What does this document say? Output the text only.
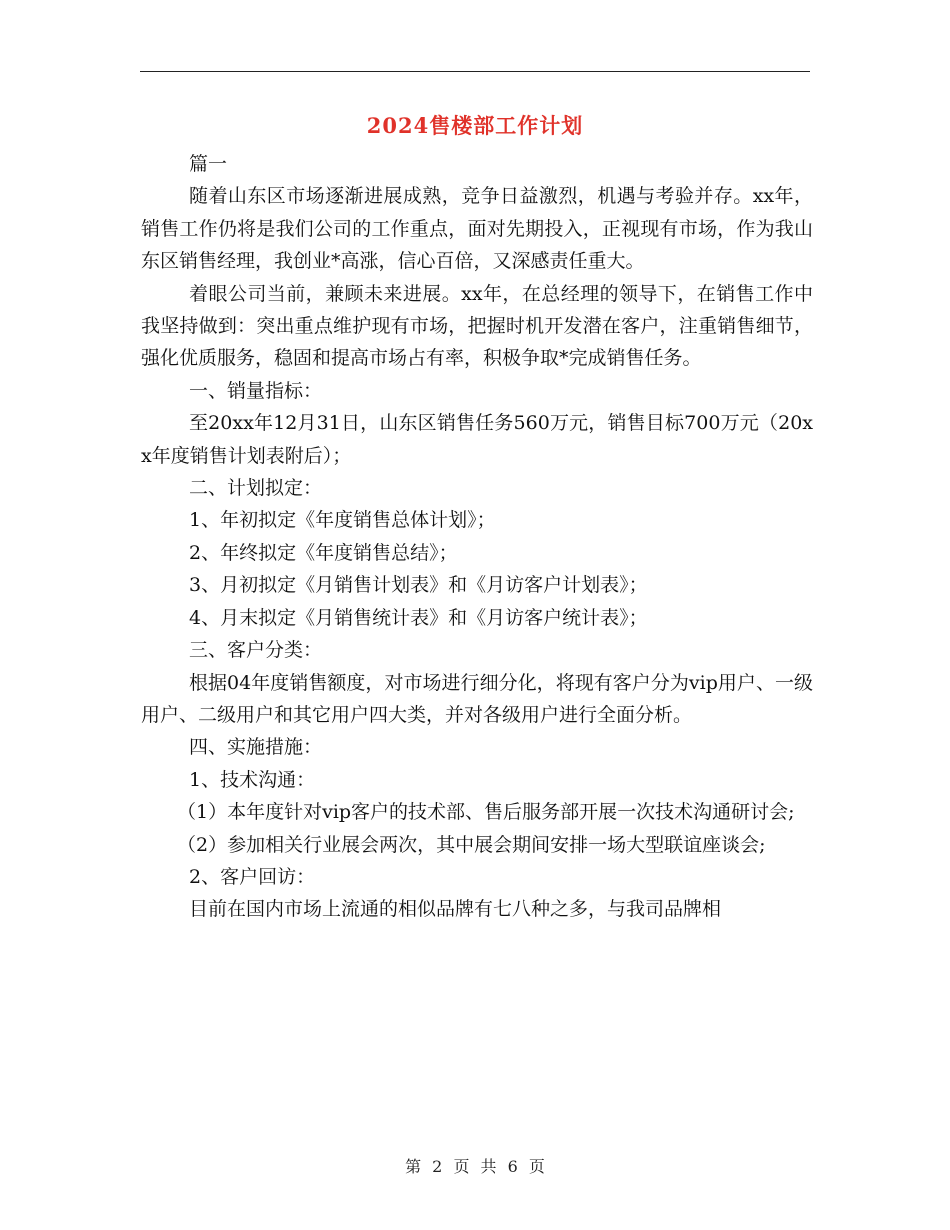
2024售楼部工作计划

篇一

随着山东区市场逐渐进展成熟，竞争日益激烈，机遇与考验并存。xx年，销售工作仍将是我们公司的工作重点，面对先期投入，正视现有市场，作为我山东区销售经理，我创业*高涨，信心百倍，又深感责任重大。

着眼公司当前，兼顾未来进展。xx年，在总经理的领导下，在销售工作中我坚持做到：突出重点维护现有市场，把握时机开发潜在客户，注重销售细节，强化优质服务，稳固和提高市场占有率，积极争取*完成销售任务。

一、销量指标：

至20xx年12月31日，山东区销售任务560万元，销售目标700万元（20xx年度销售计划表附后）；

二、计划拟定：

1、年初拟定《年度销售总体计划》；

2、年终拟定《年度销售总结》；

3、月初拟定《月销售计划表》和《月访客户计划表》；

4、月末拟定《月销售统计表》和《月访客户统计表》；

三、客户分类：

根据04年度销售额度，对市场进行细分化，将现有客户分为vip用户、一级用户、二级用户和其它用户四大类，并对各级用户进行全面分析。

四、实施措施：

1、技术沟通：

（1）本年度针对vip客户的技术部、售后服务部开展一次技术沟通研讨会;

（2）参加相关行业展会两次，其中展会期间安排一场大型联谊座谈会;

2、客户回访：

目前在国内市场上流通的相似品牌有七八种之多，与我司品牌相

第 2 页 共 6 页
